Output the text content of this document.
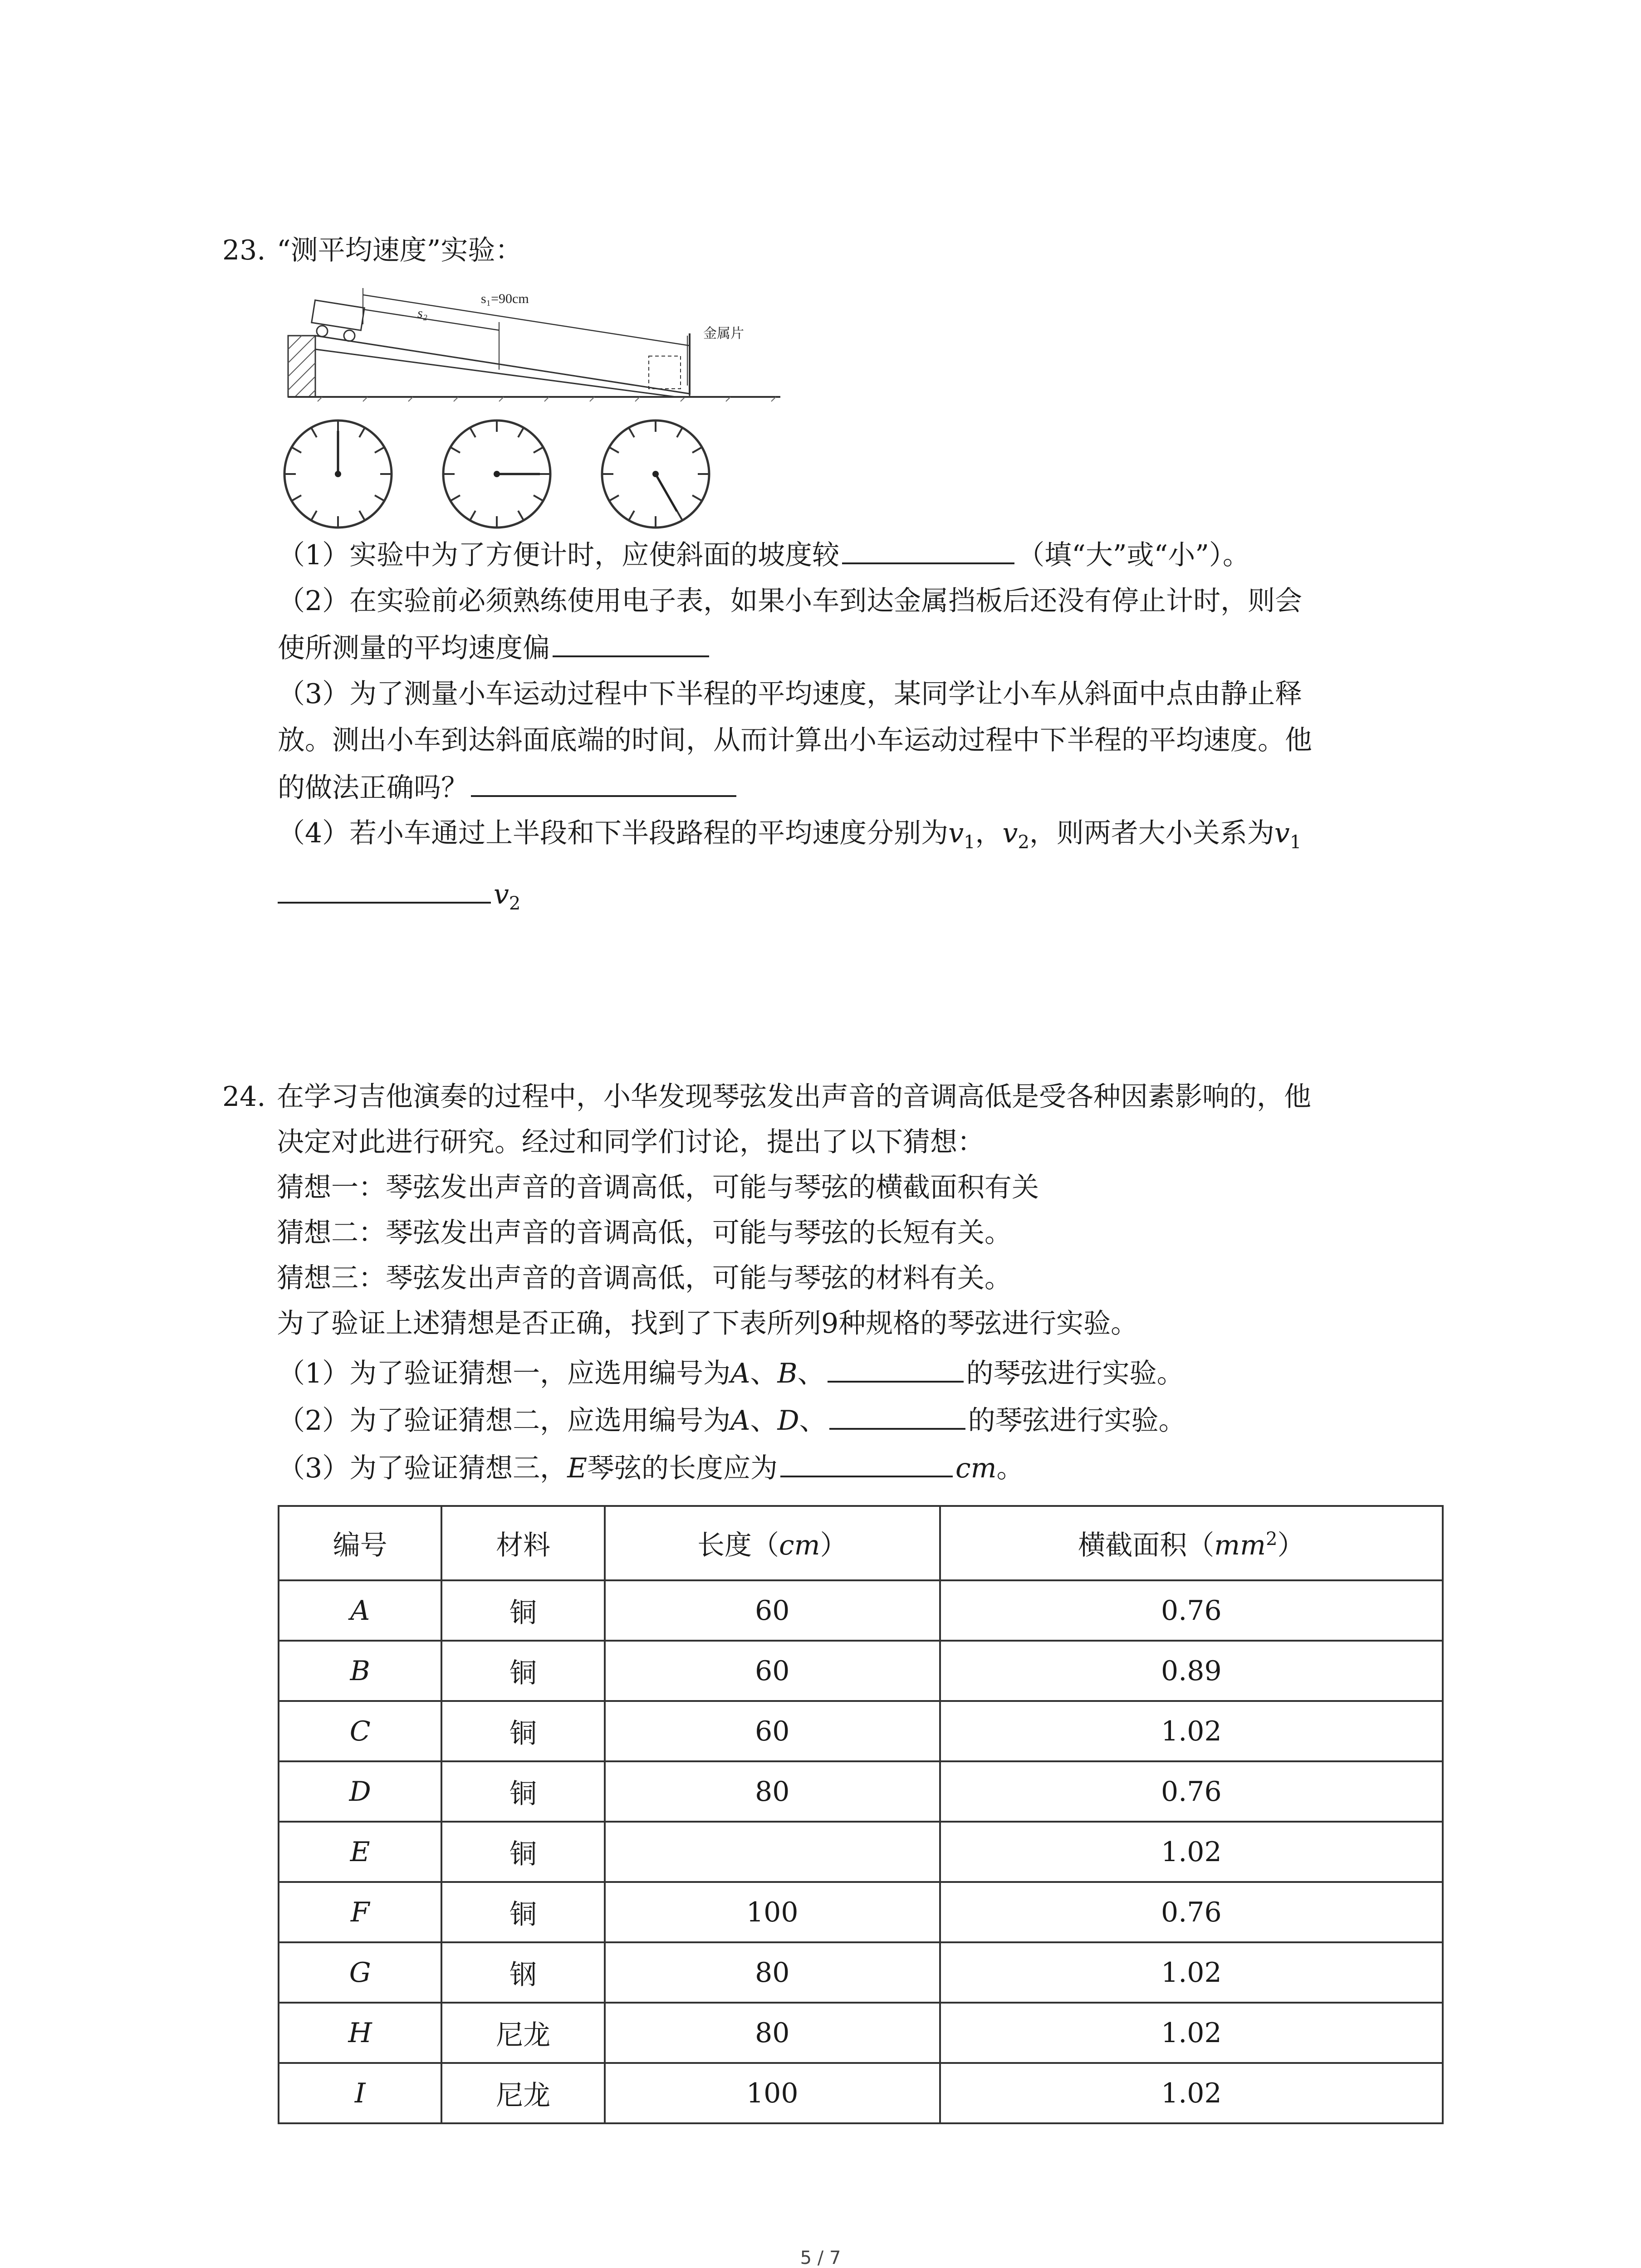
23. “测平均速度”实验：
s₁=90cm
s₂
金属片
（1）实验中为了方便计时，应使斜面的坡度较	（填“大”或“小”）。
（2）在实验前必须熟练使用电子表，如果小车到达金属挡板后还没有停止计时，则会
使所测量的平均速度偏
（3）为了测量小车运动过程中下半程的平均速度，某同学让小车从斜面中点由静止释
放。测出小车到达斜面底端的时间，从而计算出小车运动过程中下半程的平均速度。他
的做法正确吗？
（4）若小车通过上半段和下半段路程的平均速度分别为$v_1$，$v_2$，则两者大小关系为$v_1$
$v_2$
24. 在学习吉他演奏的过程中，小华发现琴弦发出声音的音调高低是受各种因素影响的，他
决定对此进行研究。经过和同学们讨论，提出了以下猜想：
猜想一：琴弦发出声音的音调高低，可能与琴弦的横截面积有关
猜想二：琴弦发出声音的音调高低，可能与琴弦的长短有关。
猜想三：琴弦发出声音的音调高低，可能与琴弦的材料有关。
为了验证上述猜想是否正确，找到了下表所列9种规格的琴弦进行实验。
（1）为了验证猜想一，应选用编号为A、B、	的琴弦进行实验。
（2）为了验证猜想二，应选用编号为A、D、	的琴弦进行实验。
（3）为了验证猜想三，E琴弦的长度应为	cm。
编号	材料	长度（cm）	横截面积$(mm^2)$
A	铜	60	0.76
B	铜	60	0.89
C	铜	60	1.02
D	铜	80	0.76
E	铜		1.02
F	铜	100	0.76
G	钢	80	1.02
H	尼龙	80	1.02
I	尼龙	100	1.02
5 / 7
